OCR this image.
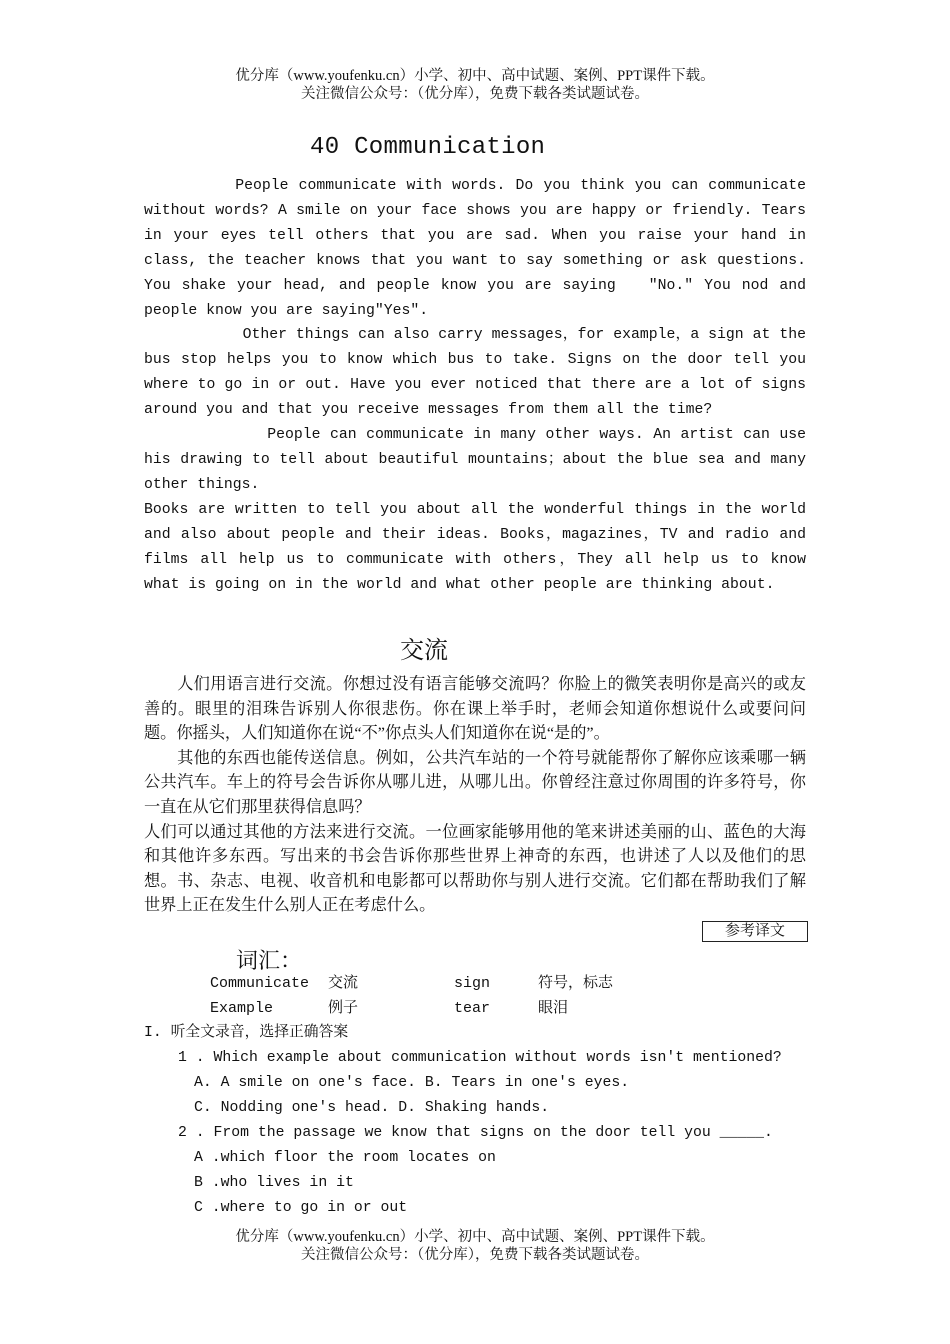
优分库（www.youfenku.cn）小学、初中、高中试题、案例、PPT课件下载。
关注微信公众号：（优分库），免费下载各类试题试卷。
40 Communication

People communicate with words. Do you think you can communicate without words? A smile on your face shows you are happy or friendly. Tears in your eyes tell others that you are sad. When you raise your hand in class, the teacher knows that you want to say something or ask questions. You shake your head, and people know you are saying   "No." You nod and people know you are saying"Yes".

Other things can also carry messages，for example，a sign at the bus stop helps you to know which bus to take. Signs on the door tell you where to go in or out. Have you ever noticed that there are a lot of signs around you and that you receive messages from them all the time?

People can communicate in many other ways. An artist can use his drawing to tell about beautiful mountains；about the blue sea and many other things.

Books are written to tell you about all the wonderful things in the world and also about people and their ideas. Books，magazines，TV and radio and films all help us to communicate with others，They all help us to know what is going on in the world and what other people are thinking about.

交流

　　人们用语言进行交流。你想过没有语言能够交流吗？你脸上的微笑表明你是高兴的或友善的。眼里的泪珠告诉别人你很悲伤。你在课上举手时，老师会知道你想说什么或要问问题。你摇头，人们知道你在说“不”你点头人们知道你在说“是的”。

　　其他的东西也能传送信息。例如，公共汽车站的一个符号就能帮你了解你应该乘哪一辆公共汽车。车上的符号会告诉你从哪儿进，从哪儿出。你曾经注意过你周围的许多符号，你一直在从它们那里获得信息吗？

人们可以通过其他的方法来进行交流。一位画家能够用他的笔来讲述美丽的山、蓝色的大海和其他许多东西。写出来的书会告诉你那些世界上神奇的东西，也讲述了人以及他们的思想。书、杂志、电视、收音机和电影都可以帮助你与别人进行交流。它们都在帮助我们了解世界上正在发生什么别人正在考虑什么。

参考译文
词汇：
Communicate	交流	sign	符号，标志
Example	例子	tear	眼泪
I. 听全文录音，选择正确答案
1 . Which example about communication without words isn't mentioned?
A. A smile on one's face. B. Tears in one's eyes.
C. Nodding one's head. D. Shaking hands.
2 . From the passage we know that signs on the door tell you _____.
A .which floor the room locates on
B .who lives in it
C .where to go in or out
优分库（www.youfenku.cn）小学、初中、高中试题、案例、PPT课件下载。
关注微信公众号：（优分库），免费下载各类试题试卷。
